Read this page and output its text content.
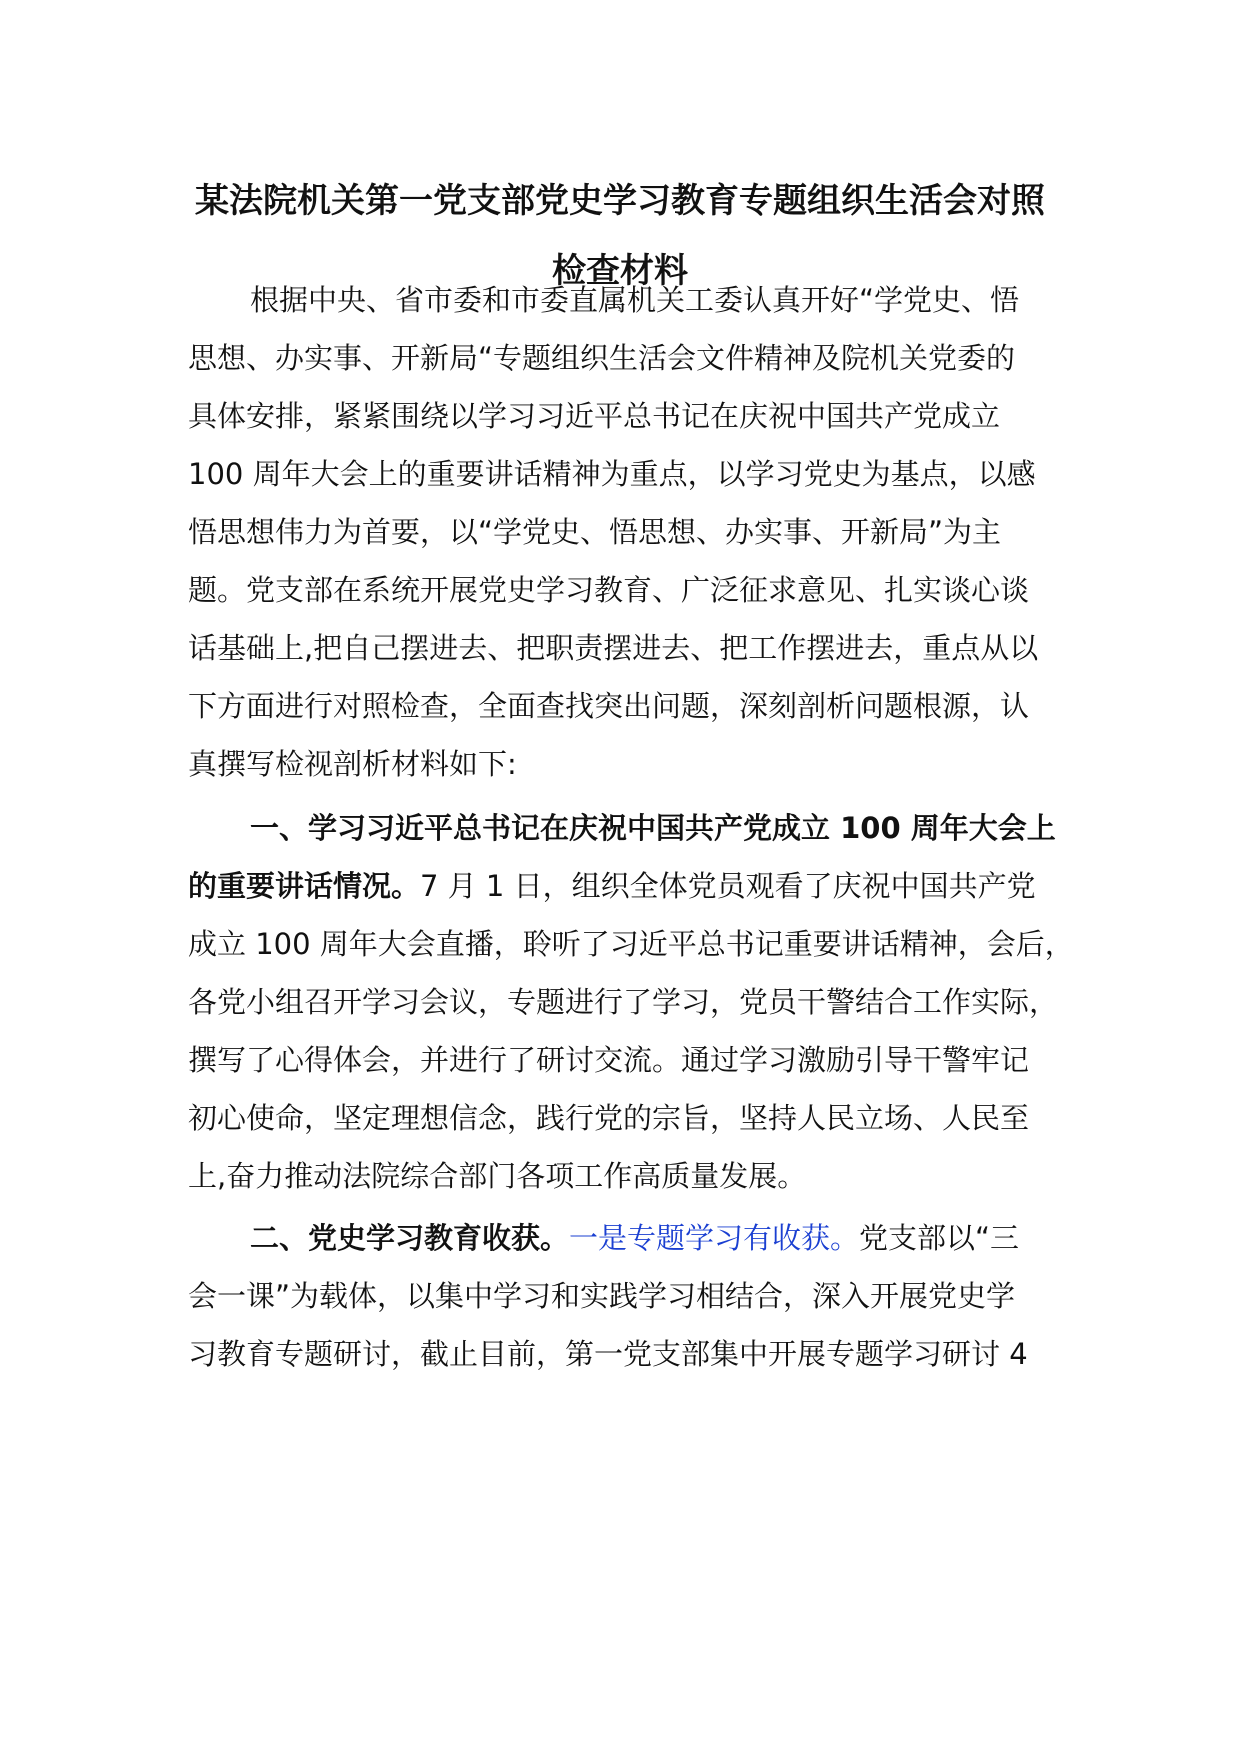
某法院机关第一党支部党史学习教育专题组织生活会对照
检查材料

根据中央、省市委和市委直属机关工委认真开好“学党史、悟

思想、办实事、开新局“专题组织生活会文件精神及院机关党委的

具体安排，紧紧围绕以学习习近平总书记在庆祝中国共产党成立

100 周年大会上的重要讲话精神为重点，以学习党史为基点，以感

悟思想伟力为首要，以“学党史、悟思想、办实事、开新局”为主

题。党支部在系统开展党史学习教育、广泛征求意见、扎实谈心谈

话基础上,把自己摆进去、把职责摆进去、把工作摆进去，重点从以

下方面进行对照检查，全面查找突出问题，深刻剖析问题根源，认

真撰写检视剖析材料如下:

一、学习习近平总书记在庆祝中国共产党成立 100 周年大会上

的重要讲话情况。7 月 1 日，组织全体党员观看了庆祝中国共产党

成立 100 周年大会直播，聆听了习近平总书记重要讲话精神，会后，

各党小组召开学习会议，专题进行了学习，党员干警结合工作实际，

撰写了心得体会，并进行了研讨交流。通过学习激励引导干警牢记

初心使命，坚定理想信念，践行党的宗旨，坚持人民立场、人民至

上,奋力推动法院综合部门各项工作高质量发展。

二、党史学习教育收获。一是专题学习有收获。党支部以“三

会一课”为载体，以集中学习和实践学习相结合，深入开展党史学

习教育专题研讨，截止目前，第一党支部集中开展专题学习研讨 4
